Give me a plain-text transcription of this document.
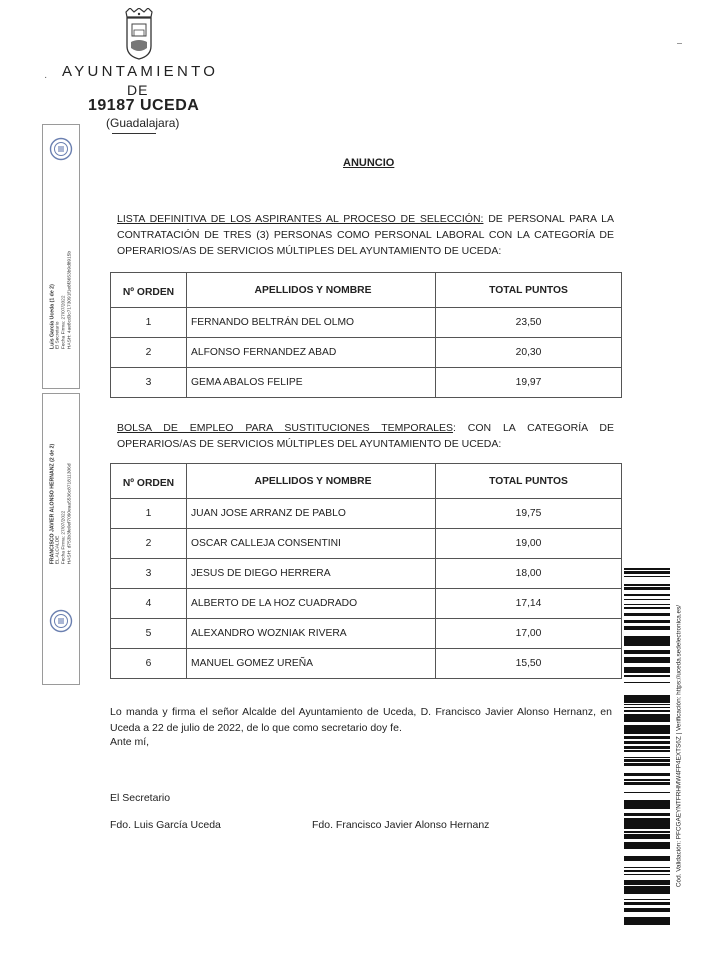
· AYUNTAMIENTO
DE
19187 UCEDA
(Guadalajara)
Luis García Uceda (1 de 2) El Secretario Fecha Firma: 27/07/2022 HASH: 4ae8cd3c7173091f1e8f3653b9d8915b
FRANCISCO JAVIER ALONSO HERNANZ (2 de 2) EL ALCALDE Fecha Firma: 27/07/2022 HASH: d753b3fe0ef7090eaa5536c871811306d
Cód. Validación: PFCGAEYNTFRHMW4FP4EXTS6Z | Verificación: https://uceda.sedelectronica.es/
ANUNCIO

LISTA DEFINITIVA DE LOS ASPIRANTES AL PROCESO DE SELECCIÓN: DE PERSONAL PARA LA CONTRATACIÓN DE TRES (3) PERSONAS COMO PERSONAL LABORAL CON LA CATEGORÍA DE OPERARIOS/AS DE SERVICIOS MÚLTIPLES DEL AYUNTAMIENTO DE UCEDA:

Nº ORDEN	APELLIDOS Y NOMBRE	TOTAL PUNTOS
1	FERNANDO BELTRÁN DEL OLMO	23,50
2	ALFONSO FERNANDEZ ABAD	20,30
3	GEMA ABALOS FELIPE	19,97

BOLSA DE EMPLEO PARA SUSTITUCIONES TEMPORALES: CON LA CATEGORÍA DE OPERARIOS/AS DE SERVICIOS MÚLTIPLES DEL AYUNTAMIENTO DE UCEDA:

Nº ORDEN	APELLIDOS Y NOMBRE	TOTAL PUNTOS
1	JUAN JOSE ARRANZ DE PABLO	19,75
2	OSCAR CALLEJA CONSENTINI	19,00
3	JESUS DE DIEGO HERRERA	18,00
4	ALBERTO DE LA HOZ CUADRADO	17,14
5	ALEXANDRO WOZNIAK RIVERA	17,00
6	MANUEL GOMEZ UREÑA	15,50

Lo manda y firma el señor Alcalde del Ayuntamiento de Uceda, D. Francisco Javier Alonso Hernanz, en Uceda a 22 de julio de 2022, de lo que como secretario doy fe.

Ante mí,
El Secretario
Fdo. Luis García Uceda	Fdo. Francisco Javier Alonso Hernanz
